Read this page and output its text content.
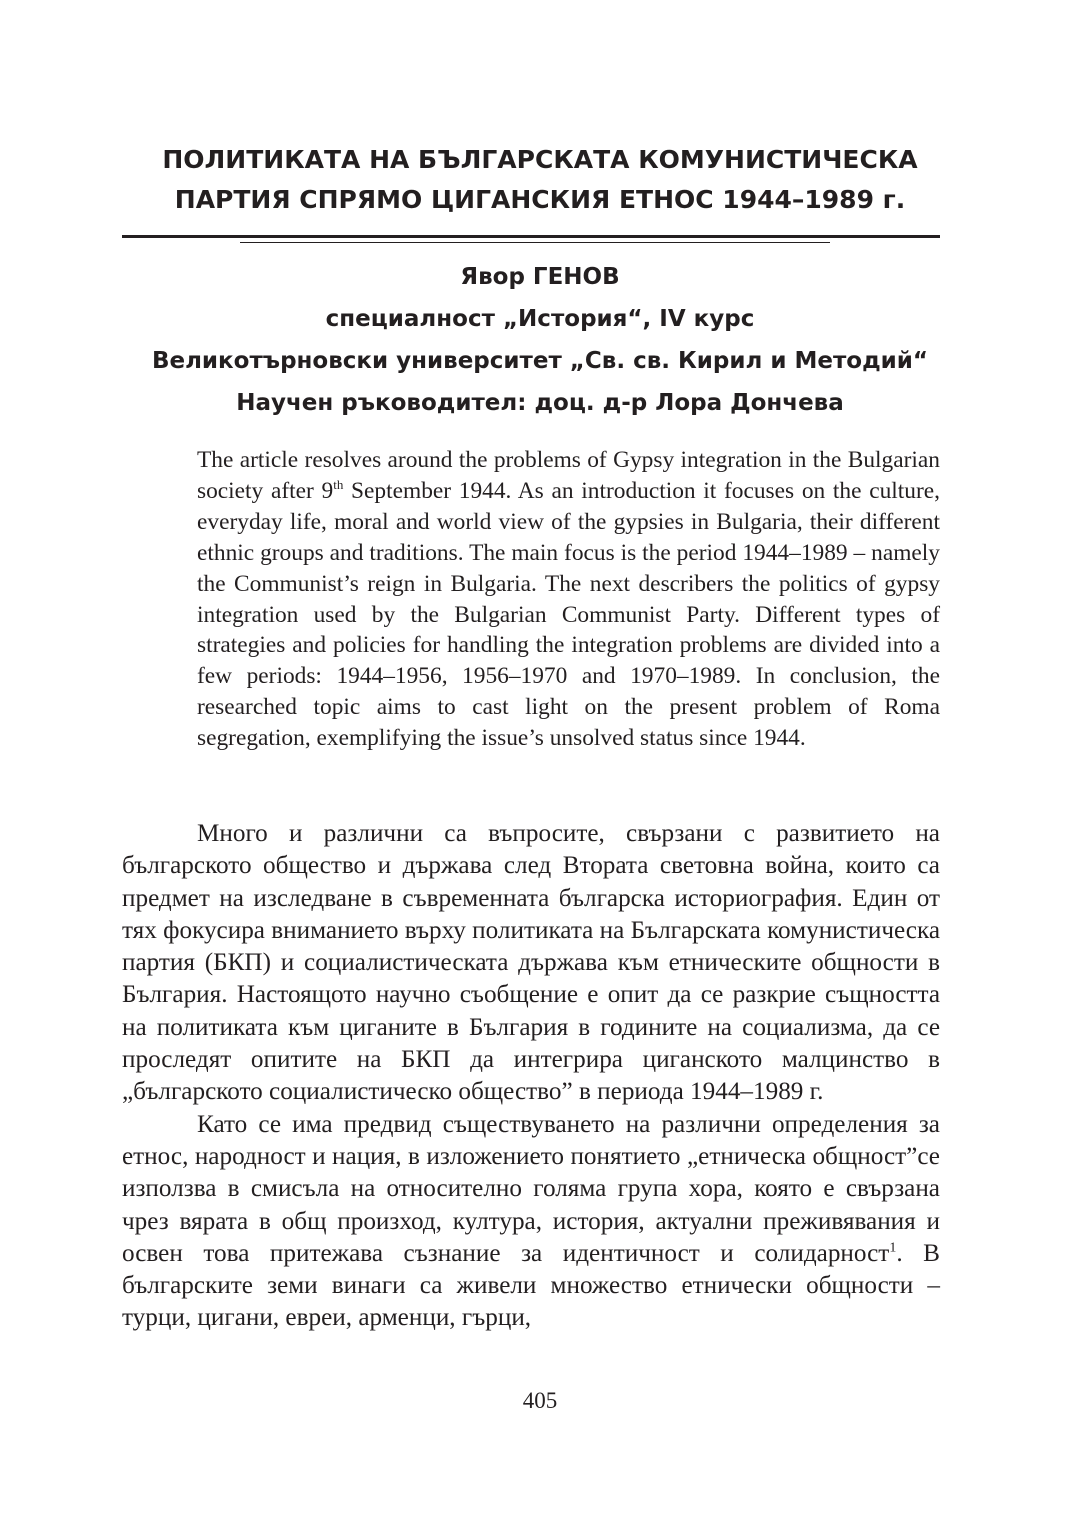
ПОЛИТИКАТА НА БЪЛГАРСКАТА КОМУНИСТИЧЕСКА
ПАРТИЯ СПРЯМО ЦИГАНСКИЯ ЕТНОС 1944–1989 г.
Явор ГЕНОВ
специалност „История“, IV курс
Великотърновски университет „Св. св. Кирил и Методий“
Научен ръководител: доц. д-р Лора Дончева

The article resolves around the problems of Gypsy integration in the Bulgarian society after 9th September 1944. As an introduction it focuses on the culture, everyday life, moral and world view of the gypsies in Bulgaria, their different ethnic groups and traditions. The main focus is the period 1944–1989 – namely the Communist’s reign in Bulgaria. The next describers the politics of gypsy integration used by the Bulgarian Communist Party. Different types of strategies and policies for handling the integration problems are divided into a few periods: 1944–1956, 1956–1970 and 1970–1989. In conclusion, the researched topic aims to cast light on the present problem of Roma segregation, exemplifying the issue’s unsolved status since 1944.

Много и различни са въпросите, свързани с развитието на българското общество и държава след Втората световна война, които са предмет на изследване в съвременната българска историография. Един от тях фокусира вниманието върху политиката на Българската комунистическа партия (БКП) и социалистическата държава към етническите общности в България. Настоящото научно съобщение е опит да се разкрие същността на политиката към циганите в България в годините на социализма, да се проследят опитите на БКП да интегрира циганското малцинство в „българското социалистическо общество” в периода 1944–1989 г.

Като се има предвид съществуването на различни определения за етнос, народност и нация, в изложението понятието „етническа общност”се използва в смисъла на относително голяма група хора, която е свързана чрез вярата в общ произход, култура, история, актуални преживявания и освен това притежава съзнание за идентичност и солидарност$^1$. В българските земи винаги са живели множество етнически общности – турци, цигани, евреи, арменци, гърци,

405
